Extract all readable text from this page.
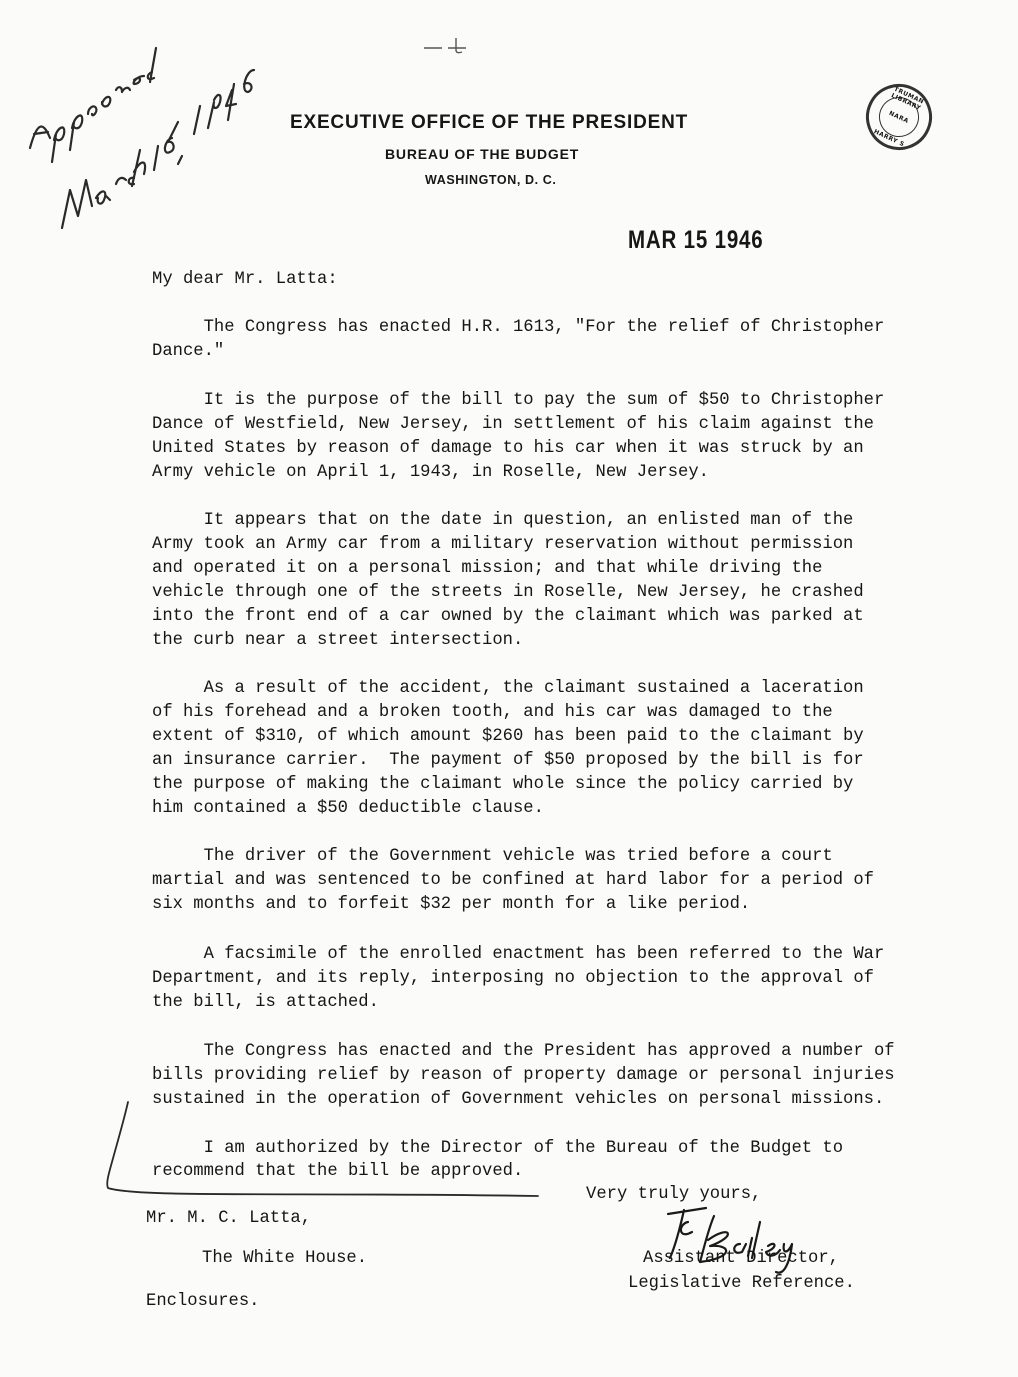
TRUMAN LIBRARY
NARA
HARRY S
EXECUTIVE OFFICE OF THE PRESIDENT
BUREAU OF THE BUDGET
WASHINGTON, D. C.
MAR 15 1946
My dear Mr. Latta:
The Congress has enacted H.R. 1613, "For the relief of Christopher
Dance."
It is the purpose of the bill to pay the sum of $50 to Christopher
Dance of Westfield, New Jersey, in settlement of his claim against the
United States by reason of damage to his car when it was struck by an
Army vehicle on April 1, 1943, in Roselle, New Jersey.
It appears that on the date in question, an enlisted man of the
Army took an Army car from a military reservation without permission
and operated it on a personal mission; and that while driving the
vehicle through one of the streets in Roselle, New Jersey, he crashed
into the front end of a car owned by the claimant which was parked at
the curb near a street intersection.
As a result of the accident, the claimant sustained a laceration
of his forehead and a broken tooth, and his car was damaged to the
extent of $310, of which amount $260 has been paid to the claimant by
an insurance carrier.  The payment of $50 proposed by the bill is for
the purpose of making the claimant whole since the policy carried by
him contained a $50 deductible clause.
The driver of the Government vehicle was tried before a court
martial and was sentenced to be confined at hard labor for a period of
six months and to forfeit $32 per month for a like period.
A facsimile of the enrolled enactment has been referred to the War
Department, and its reply, interposing no objection to the approval of
the bill, is attached.
The Congress has enacted and the President has approved a number of
bills providing relief by reason of property damage or personal injuries
sustained in the operation of Government vehicles on personal missions.
I am authorized by the Director of the Bureau of the Budget to
recommend that the bill be approved.
Very truly yours,
Assistant Director,
Legislative Reference.
Mr. M. C. Latta,
The White House.
Enclosures.
